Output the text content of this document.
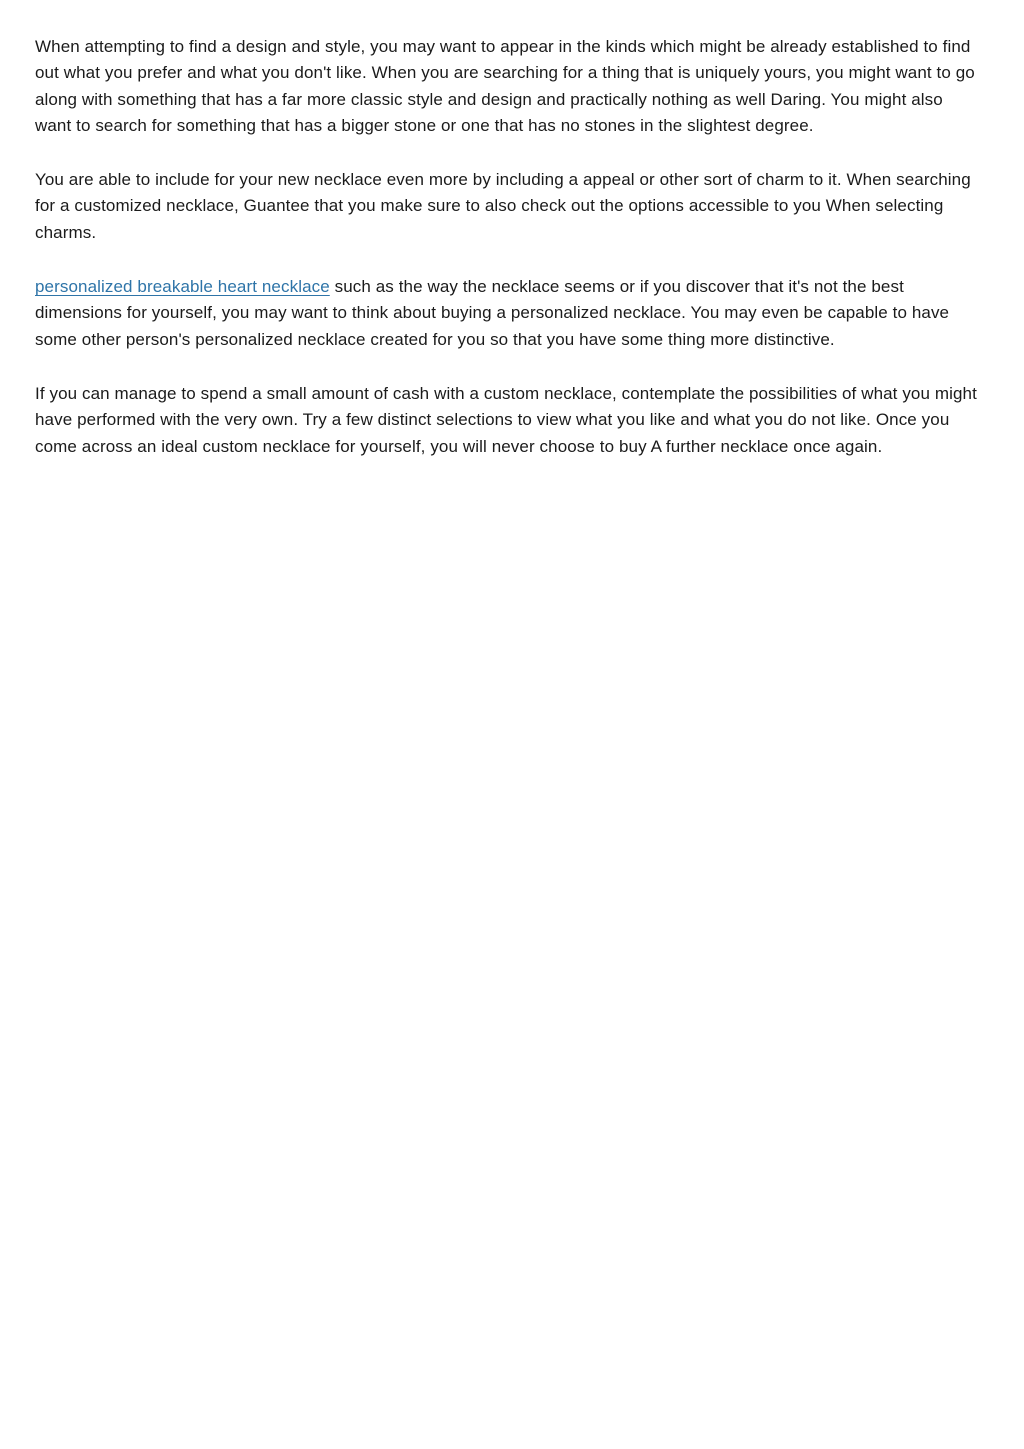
When attempting to find a design and style, you may want to appear in the kinds which might be already established to find out what you prefer and what you don't like. When you are searching for a thing that is uniquely yours, you might want to go along with something that has a far more classic style and design and practically nothing as well Daring. You might also want to search for something that has a bigger stone or one that has no stones in the slightest degree.

You are able to include for your new necklace even more by including a appeal or other sort of charm to it. When searching for a customized necklace, Guantee that you make sure to also check out the options accessible to you When selecting charms.

personalized breakable heart necklace such as the way the necklace seems or if you discover that it's not the best dimensions for yourself, you may want to think about buying a personalized necklace. You may even be capable to have some other person's personalized necklace created for you so that you have some thing more distinctive.

If you can manage to spend a small amount of cash with a custom necklace, contemplate the possibilities of what you might have performed with the very own. Try a few distinct selections to view what you like and what you do not like. Once you come across an ideal custom necklace for yourself, you will never choose to buy A further necklace once again.
